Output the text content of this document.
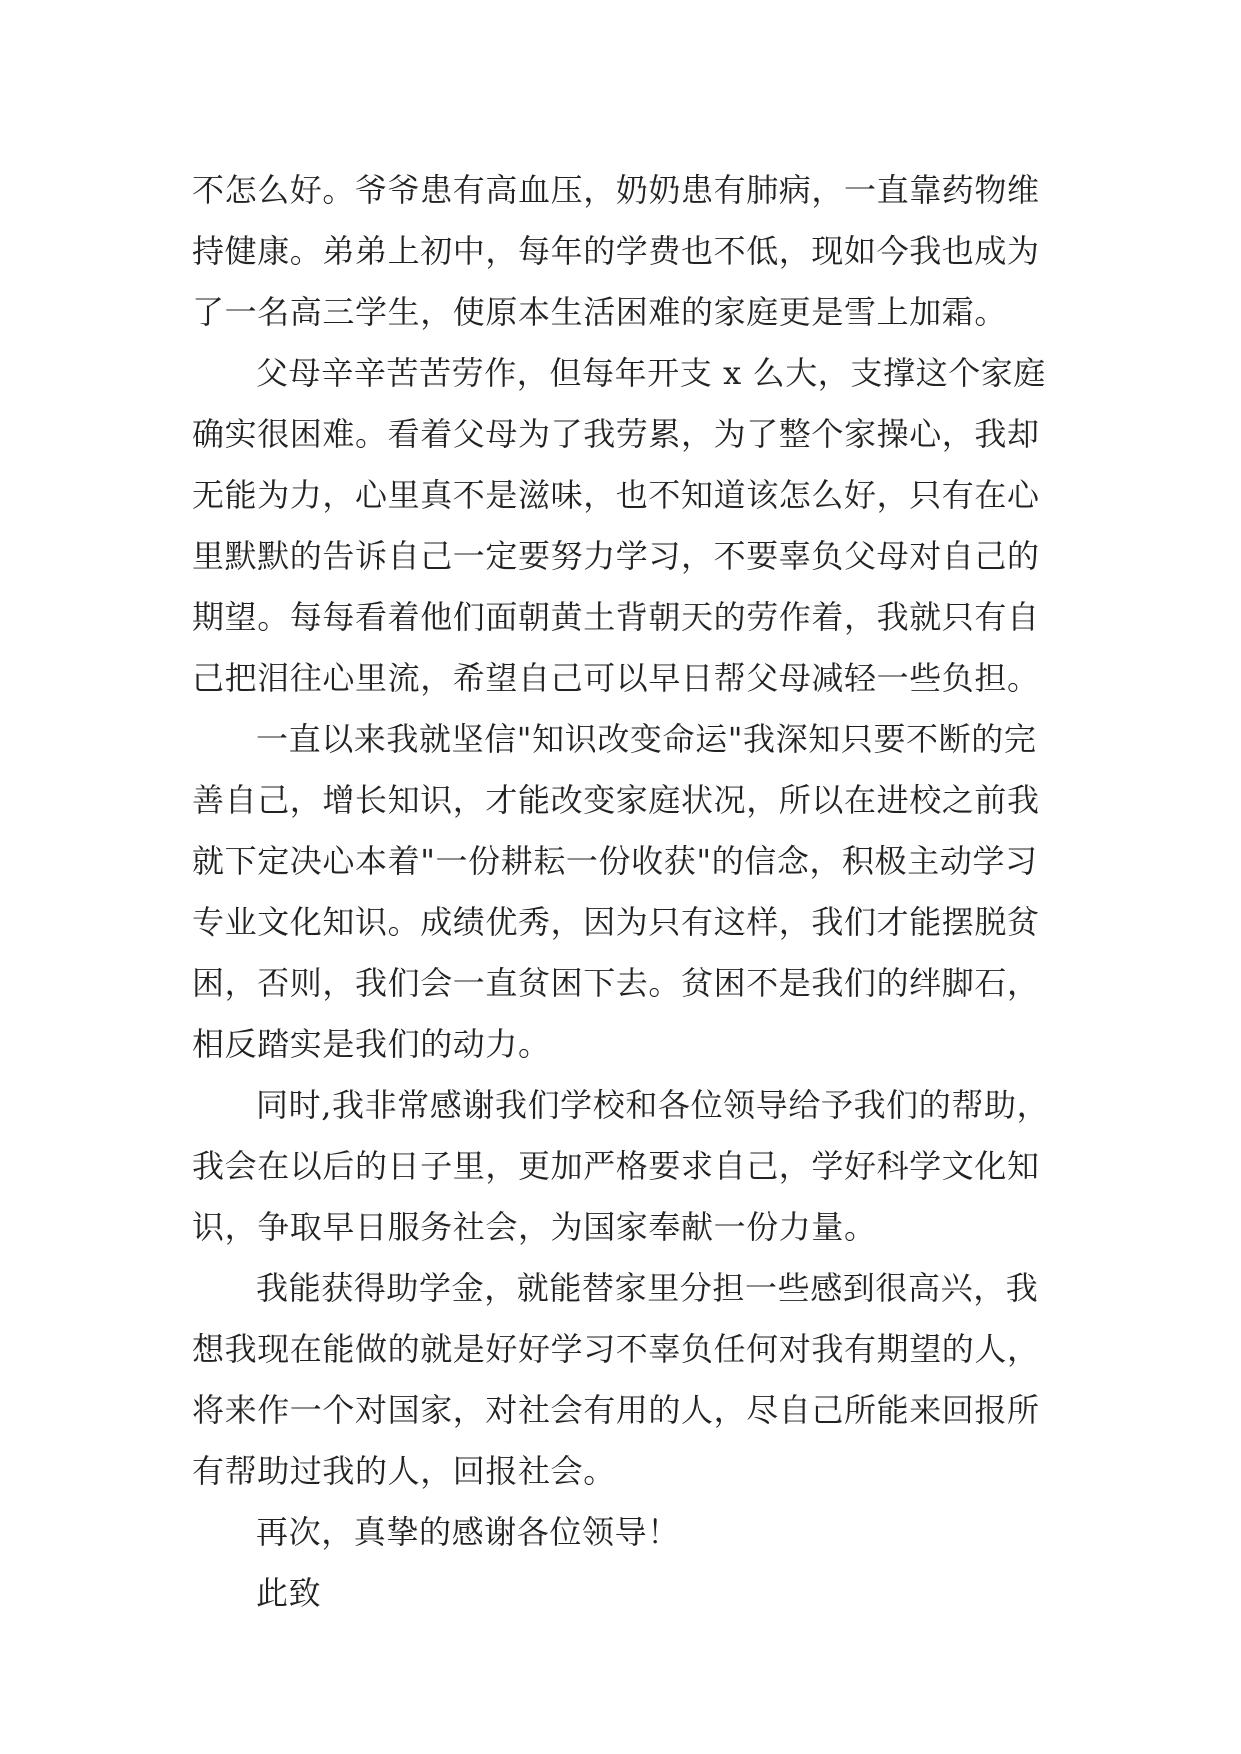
不怎么好。爷爷患有高血压，奶奶患有肺病，一直靠药物维
持健康。弟弟上初中，每年的学费也不低，现如今我也成为
了一名高三学生，使原本生活困难的家庭更是雪上加霜。
父母辛辛苦苦劳作，但每年开支 x 么大，支撑这个家庭
确实很困难。看着父母为了我劳累，为了整个家操心，我却
无能为力，心里真不是滋味，也不知道该怎么好，只有在心
里默默的告诉自己一定要努力学习，不要辜负父母对自己的
期望。每每看着他们面朝黄土背朝天的劳作着，我就只有自
己把泪往心里流，希望自己可以早日帮父母减轻一些负担。
一直以来我就坚信"知识改变命运"我深知只要不断的完
善自己，增长知识，才能改变家庭状况，所以在进校之前我
就下定决心本着"一份耕耘一份收获"的信念，积极主动学习
专业文化知识。成绩优秀，因为只有这样，我们才能摆脱贫
困，否则，我们会一直贫困下去。贫困不是我们的绊脚石，
相反踏实是我们的动力。
同时,我非常感谢我们学校和各位领导给予我们的帮助，
我会在以后的日子里，更加严格要求自己，学好科学文化知
识，争取早日服务社会，为国家奉献一份力量。
我能获得助学金，就能替家里分担一些感到很高兴，我
想我现在能做的就是好好学习不辜负任何对我有期望的人，
将来作一个对国家，对社会有用的人，尽自己所能来回报所
有帮助过我的人，回报社会。
再次，真挚的感谢各位领导！
此致
